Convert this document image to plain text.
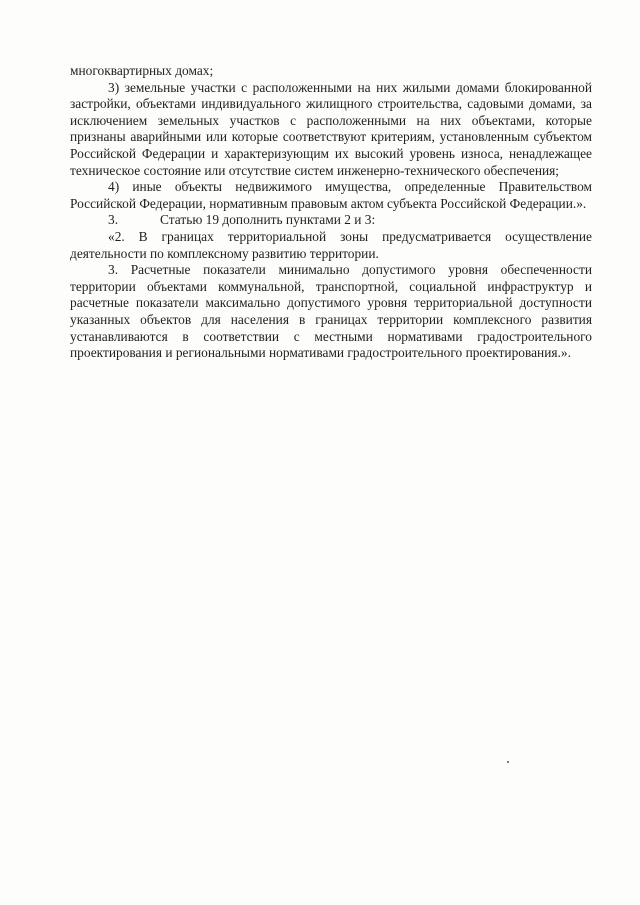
многоквартирных домах;

3) земельные участки с расположенными на них жилыми домами блокированной застройки, объектами индивидуального жилищного строительства, садовыми домами, за исключением земельных участков с расположенными на них объектами, которые признаны аварийными или которые соответствуют критериям, установленным субъектом Российской Федерации и характеризующим их высокий уровень износа, ненадлежащее техническое состояние или отсутствие систем инженерно-технического обеспечения;

4) иные объекты недвижимого имущества, определенные Правительством Российской Федерации, нормативным правовым актом субъекта Российской Федерации.».

3.	Статью 19 дополнить пунктами 2 и 3:

«2. В границах территориальной зоны предусматривается осуществление деятельности по комплексному развитию территории.

3. Расчетные показатели минимально допустимого уровня обеспеченности территории объектами коммунальной, транспортной, социальной инфраструктур и расчетные показатели максимально допустимого уровня территориальной доступности указанных объектов для населения в границах территории комплексного развития устанавливаются в соответствии с местными нормативами градостроительного проектирования и региональными нормативами градостроительного проектирования.».
